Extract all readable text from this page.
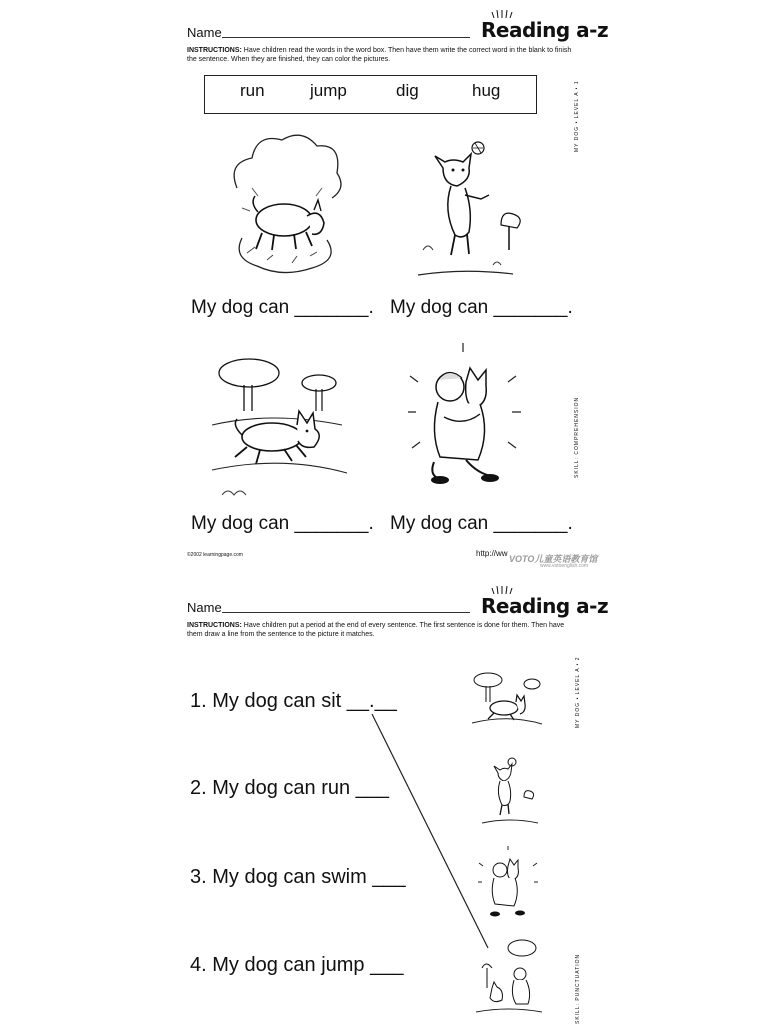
Name	Reading a-z
INSTRUCTIONS: Have children read the words in the word box. Then have them write the correct word in the blank to finish the sentence. When they are finished, they can color the pictures.
run	jump	dig	hug	MY DOG • LEVEL A • 1
SKILL: COMPREHENSION
My dog can _______. My dog can _______.
My dog can _______. My dog can _______.
©2002 learningpage.com	http://ww
VOTO儿童英语教育馆
www.votoenglish.com
Name	Reading a-z
INSTRUCTIONS: Have children put a period at the end of every sentence. The first sentence is done for them. Then have them draw a line from the sentence to the picture it matches.
MY DOG • LEVEL A • 2
SKILL: PUNCTUATION
1. My dog can sit __.__
2. My dog can run ___
3. My dog can swim ___
4. My dog can jump ___
